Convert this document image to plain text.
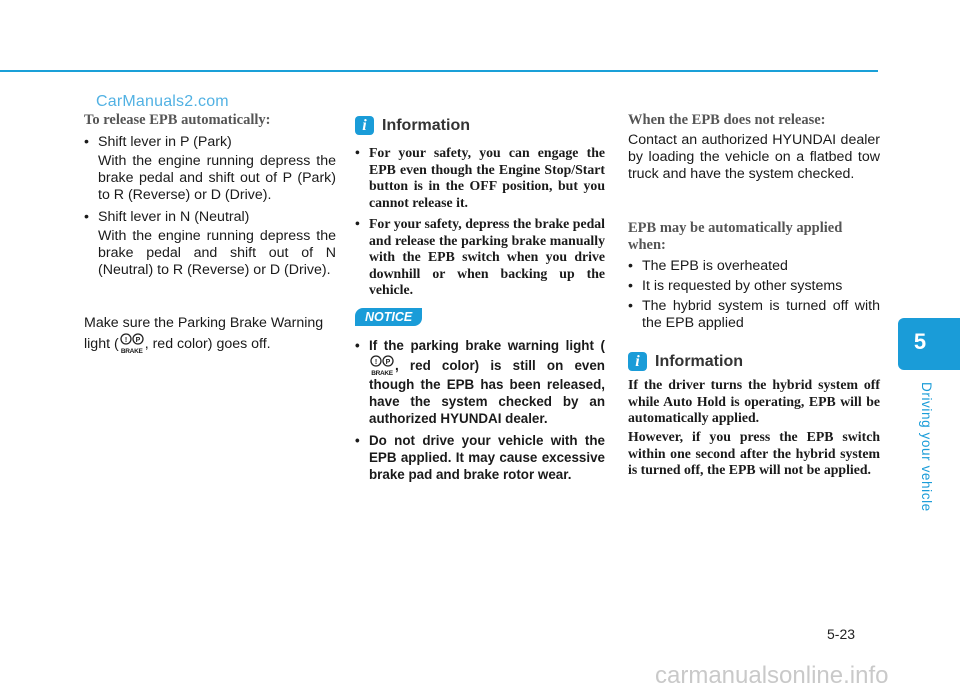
CarManuals2.com
To release EPB automatically:
• Shift lever in P (Park)
With the engine running depress the brake pedal and shift out of P (Park) to R (Reverse) or D (Drive).
• Shift lever in N (Neutral)
With the engine running depress the brake pedal and shift out of N (Neutral) to R (Reverse) or D (Drive).
Make sure the Parking Brake Warning light ( ! P
BRAKE , red color) goes off.
i Information
• For your safety, you can engage the EPB even though the Engine Stop/Start button is in the OFF position, but you cannot release it.
• For your safety, depress the brake pedal and release the parking brake manually with the EPB switch when you drive downhill or when backing up the vehicle.
NOTICE
• If the parking brake warning light (
! P
BRAKE
, red color) is still on even though the EPB has been released, have the system checked by an authorized HYUNDAI dealer.
• Do not drive your vehicle with the EPB applied. It may cause excessive brake pad and brake rotor wear.
When the EPB does not release:
Contact an authorized HYUNDAI dealer by loading the vehicle on a flatbed tow truck and have the system checked.
EPB may be automatically applied when:
• The EPB is overheated
• It is requested by other systems
• The hybrid system is turned off with the EPB applied
i Information
If the driver turns the hybrid system off while Auto Hold is operating, EPB will be automatically applied.
However, if you press the EPB switch within one second after the hybrid system is turned off, the EPB will not be applied.
5
Driving your vehicle
5-23
carmanualsonline.info
